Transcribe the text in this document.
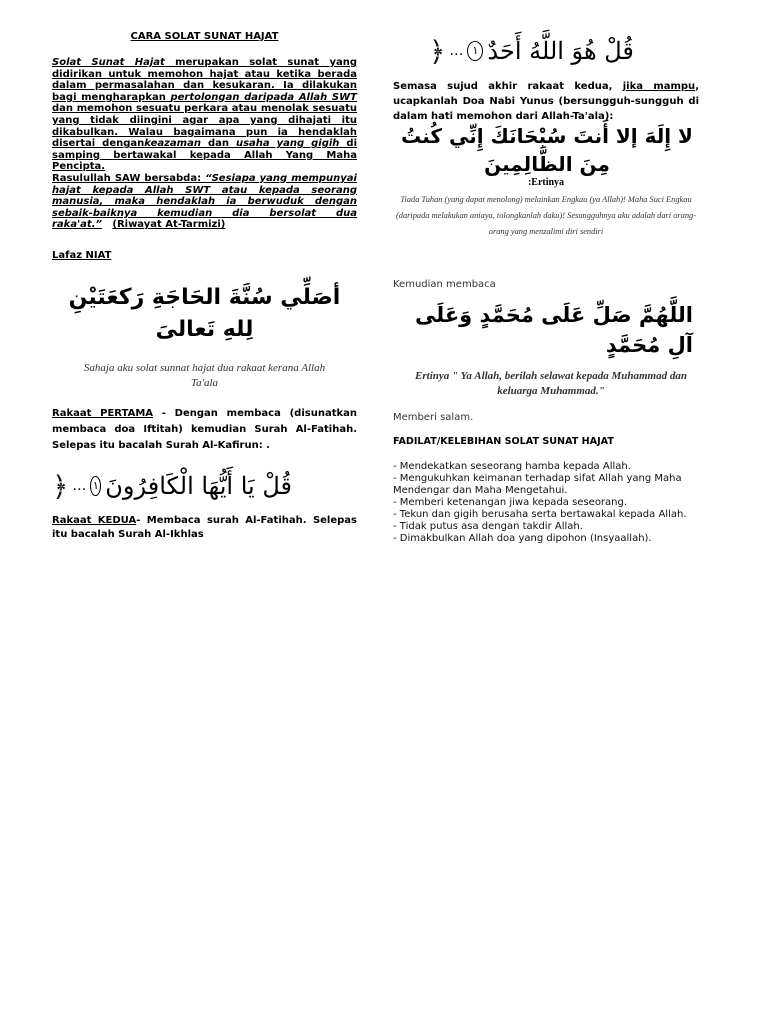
CARA SOLAT SUNAT HAJAT
Solat Sunat Hajat merupakan solat sunat yang didirikan untuk memohon hajat atau ketika berada dalam permasalahan dan kesukaran. Ia dilakukan bagi mengharapkan pertolongan daripada Allah SWT dan memohon sesuatu perkara atau menolak sesuatu yang tidak diingini agar apa yang dihajati itu dikabulkan. Walau bagaimana pun ia hendaklah disertai dengankeazaman dan usaha yang gigih di samping bertawakal kepada Allah Yang Maha Pencipta.
Rasulullah SAW bersabda: “Sesiapa yang mempunyai hajat kepada Allah SWT atau kepada seorang manusia, maka hendaklah ia berwuduk dengan sebaik-baiknya kemudian dia bersolat dua raka'at.” (Riwayat At-Tarmizi)
Lafaz NIAT
أصَلِّي سُنَّةَ الحَاجَةِ رَكعَتَيْنِ لِلهِ تَعالىَ
Sahaja aku solat sunnat hajat dua rakaat kerana Allah Ta'ala
Rakaat PERTAMA - Dengan membaca (disunatkan membaca doa Iftitah) kemudian Surah Al-Fatihah. Selepas itu bacalah Surah Al-Kafirun: .
﴿ … ١ قُلْ يَا أَيُّهَا الْكَافِرُونَ
Rakaat KEDUA- Membaca surah Al-Fatihah. Selepas itu bacalah Surah Al-Ikhlas
﴿ … ١ قُلْ هُوَ اللَّهُ أَحَدٌ
Semasa sujud akhir rakaat kedua, jika mampu, ucapkanlah Doa Nabi Yunus (bersungguh-sungguh di dalam hati memohon dari Allah-Ta'ala):
لا إِلَهَ إلا أَنتَ سُبْحَانَكَ إِنِّي كُنتُ مِنَ الظَّالِمِينَ
:Ertinya
Tiada Tuhan (yang dapat menolong) melainkan Engkau (ya Allah)! Maha Suci Engkau (daripada melakukan aniaya, tolongkanlah daku)! Sesungguhnya aku adalah dari orang-orang yang menzalimi diri sendiri
Kemudian membaca
اللَّهُمَّ صَلِّ عَلَى مُحَمَّدٍ وَعَلَى آلِ مُحَمَّدٍ
Ertinya " Ya Allah, berilah selawat kepada Muhammad dan keluarga Muhammad."
Memberi salam.
FADILAT/KELEBIHAN SOLAT SUNAT HAJAT
- Mendekatkan seseorang hamba kepada Allah.
- Mengukuhkan keimanan terhadap sifat Allah yang Maha Mendengar dan Maha Mengetahui.
- Memberi ketenangan jiwa kepada seseorang.
- Tekun dan gigih berusaha serta bertawakal kepada Allah.
- Tidak putus asa dengan takdir Allah.
- Dimakbulkan Allah doa yang dipohon (Insyaallah).
